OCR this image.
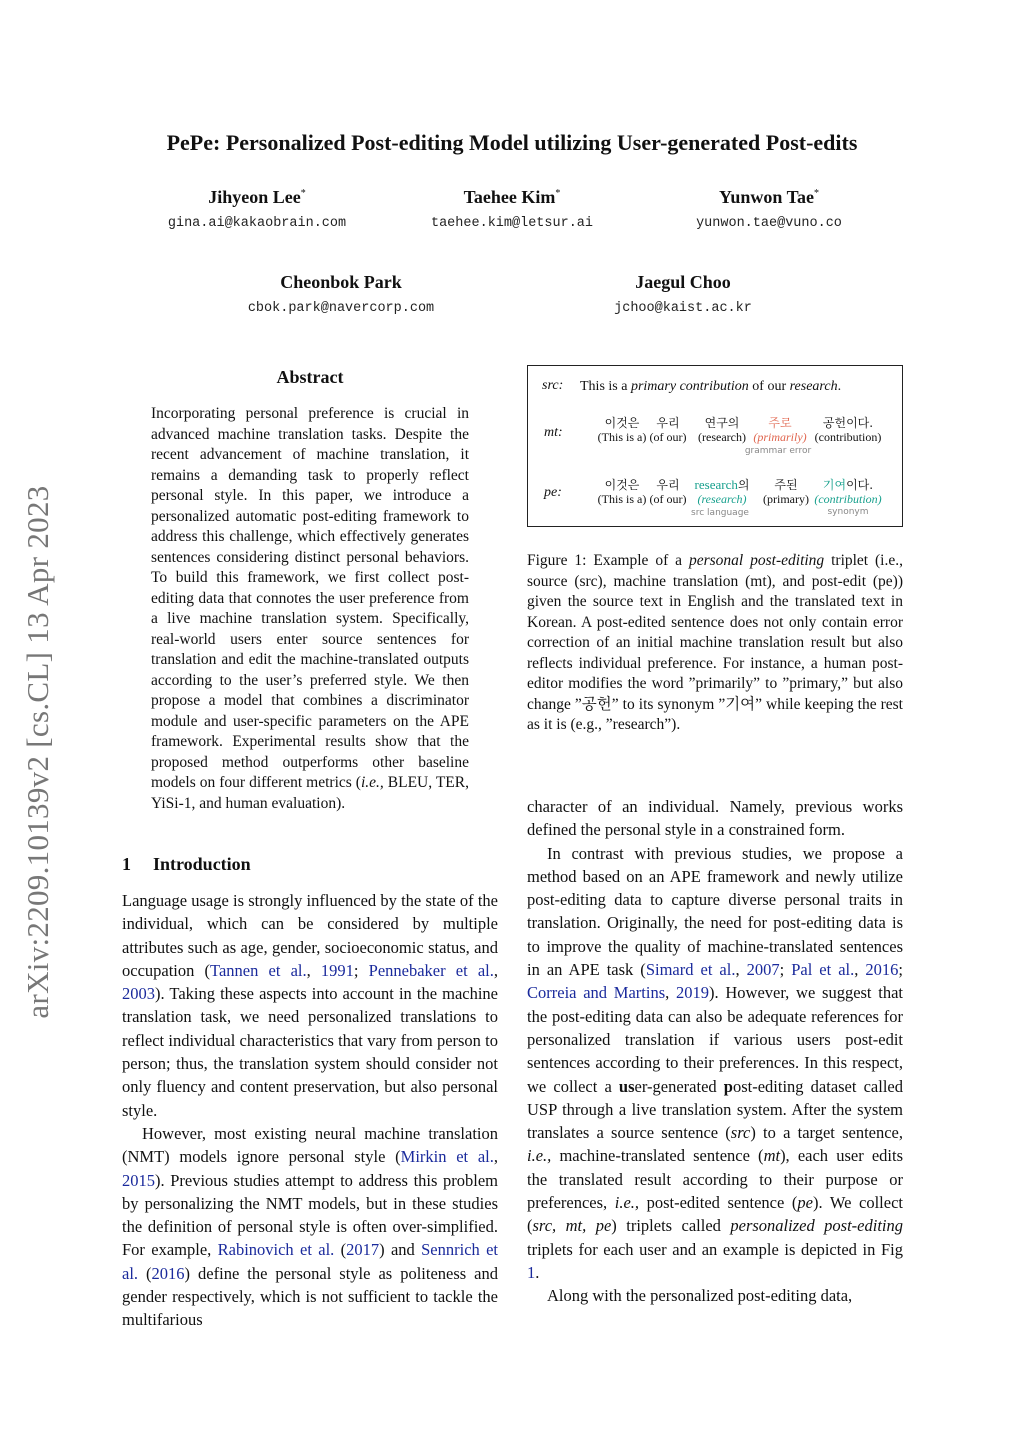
PePe: Personalized Post-editing Model utilizing User-generated Post-edits
Jihyeon Lee*
gina.ai@kakaobrain.com
Taehee Kim*
taehee.kim@letsur.ai
Yunwon Tae*
yunwon.tae@vuno.co
Cheonbok Park
cbok.park@navercorp.com
Jaegul Choo
jchoo@kaist.ac.kr
arXiv:2209.10139v2 [cs.CL] 13 Apr 2023
Abstract
Incorporating personal preference is crucial in advanced machine translation tasks. Despite the recent advancement of machine translation, it remains a demanding task to properly reflect personal style. In this paper, we introduce a personalized automatic post-editing framework to address this challenge, which effectively generates sentences considering distinct personal behaviors. To build this framework, we first collect post-editing data that connotes the user preference from a live machine translation system. Specifically, real-world users enter source sentences for translation and edit the machine-translated outputs according to the user’s preferred style. We then propose a model that combines a discriminator module and user-specific parameters on the APE framework. Experimental results show that the proposed method outperforms other baseline models on four different metrics (i.e., BLEU, TER, YiSi-1, and human evaluation).
1 Introduction

Language usage is strongly influenced by the state of the individual, which can be considered by multiple attributes such as age, gender, socioeconomic status, and occupation (Tannen et al., 1991; Pennebaker et al., 2003). Taking these aspects into account in the machine translation task, we need personalized translations to reflect individual characteristics that vary from person to person; thus, the translation system should consider not only fluency and content preservation, but also personal style.

However, most existing neural machine translation (NMT) models ignore personal style (Mirkin et al., 2015). Previous studies attempt to address this problem by personalizing the NMT models, but in these studies the definition of personal style is often over-simplified. For example, Rabinovich et al. (2017) and Sennrich et al. (2016) define the personal style as politeness and gender respectively, which is not sufficient to tackle the multifarious

src: This is a primary contribution of our research.
mt:
이것은
(This is a)
우리
(of our)
연구의
(research)
주로
(primarily)
공헌이다.
(contribution)
grammar error
pe:	이것은
(This is a)
우리
(of our)
research의
(research)
주된
(primary)
기여이다.
(contribution)
src language	synonym
Figure 1: Example of a personal post-editing triplet (i.e., source (src), machine translation (mt), and post-edit (pe)) given the source text in English and the translated text in Korean. A post-edited sentence does not only contain error correction of an initial machine translation result but also reflects individual preference. For instance, a human post-editor modifies the word ”primarily” to ”primary,” but also change ”공헌” to its synonym ”기여” while keeping the rest as it is (e.g., ”research”).

character of an individual. Namely, previous works defined the personal style in a constrained form.

In contrast with previous studies, we propose a method based on an APE framework and newly utilize post-editing data to capture diverse personal traits in translation. Originally, the need for post-editing data is to improve the quality of machine-translated sentences in an APE task (Simard et al., 2007; Pal et al., 2016; Correia and Martins, 2019). However, we suggest that the post-editing data can also be adequate references for personalized translation if various users post-edit sentences according to their preferences. In this respect, we collect a user-generated post-editing dataset called USP through a live translation system. After the system translates a source sentence (src) to a target sentence, i.e., machine-translated sentence (mt), each user edits the translated result according to their purpose or preferences, i.e., post-edited sentence (pe). We collect (src, mt, pe) triplets called personalized post-editing triplets for each user and an example is depicted in Fig 1.

Along with the personalized post-editing data,
